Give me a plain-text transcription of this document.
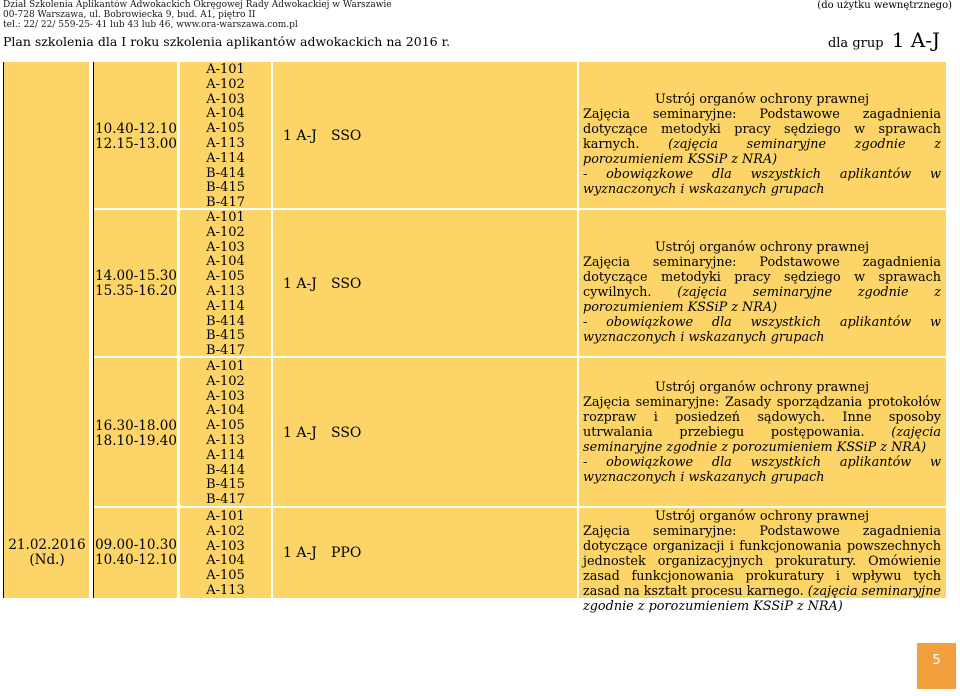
Dział Szkolenia Aplikantów Adwokackich Okręgowej Rady Adwokackiej w Warszawie
00-728 Warszawa, ul. Bobrowiecka 9, bud. A1, piętro II
tel.: 22/ 22/ 559-25- 41 lub 43 lub 46, www.ora-warszawa.com.pl
(do użytku wewnętrznego)
Plan szkolenia dla I roku szkolenia aplikantów adwokackich na 2016 r.	dla grup 1 A-J
21.02.2016
(Nd.)
10.40-12.10
12.15-13.00
14.00-15.30
15.35-16.20
16.30-18.00
18.10-19.40
09.00-10.30
10.40-12.10
A-101
A-102
A-103
A-104
A-105
A-113
A-114
B-414
B-415
B-417
A-101
A-102
A-103
A-104
A-105
A-113
A-114
B-414
B-415
B-417
A-101
A-102
A-103
A-104
A-105
A-113
A-114
B-414
B-415
B-417
A-101
A-102
A-103
A-104
A-105
A-113
1 A-J SSO
1 A-J SSO
1 A-J SSO
1 A-J PPO
Ustrój organów ochrony prawnej
Zajęcia seminaryjne: Podstawowe zagadnienia dotyczące metodyki pracy sędziego w sprawach karnych. (zajęcia seminaryjne zgodnie z porozumieniem KSSiP z NRA)
- obowiązkowe dla wszystkich aplikantów w wyznaczonych i wskazanych grupach
Ustrój organów ochrony prawnej
Zajęcia seminaryjne: Podstawowe zagadnienia dotyczące metodyki pracy sędziego w sprawach cywilnych. (zajęcia seminaryjne zgodnie z porozumieniem KSSiP z NRA)
- obowiązkowe dla wszystkich aplikantów w wyznaczonych i wskazanych grupach
Ustrój organów ochrony prawnej
Zajęcia seminaryjne: Zasady sporządzania protokołów rozpraw i posiedzeń sądowych. Inne sposoby utrwalania przebiegu postępowania. (zajęcia seminaryjne zgodnie z porozumieniem KSSiP z NRA)
- obowiązkowe dla wszystkich aplikantów w wyznaczonych i wskazanych grupach
Ustrój organów ochrony prawnej
Zajęcia seminaryjne: Podstawowe zagadnienia dotyczące organizacji i funkcjonowania powszechnych jednostek organizacyjnych prokuratury. Omówienie zasad funkcjonowania prokuratury i wpływu tych zasad na kształt procesu karnego. (zajęcia seminaryjne zgodnie z porozumieniem KSSiP z NRA)
5
